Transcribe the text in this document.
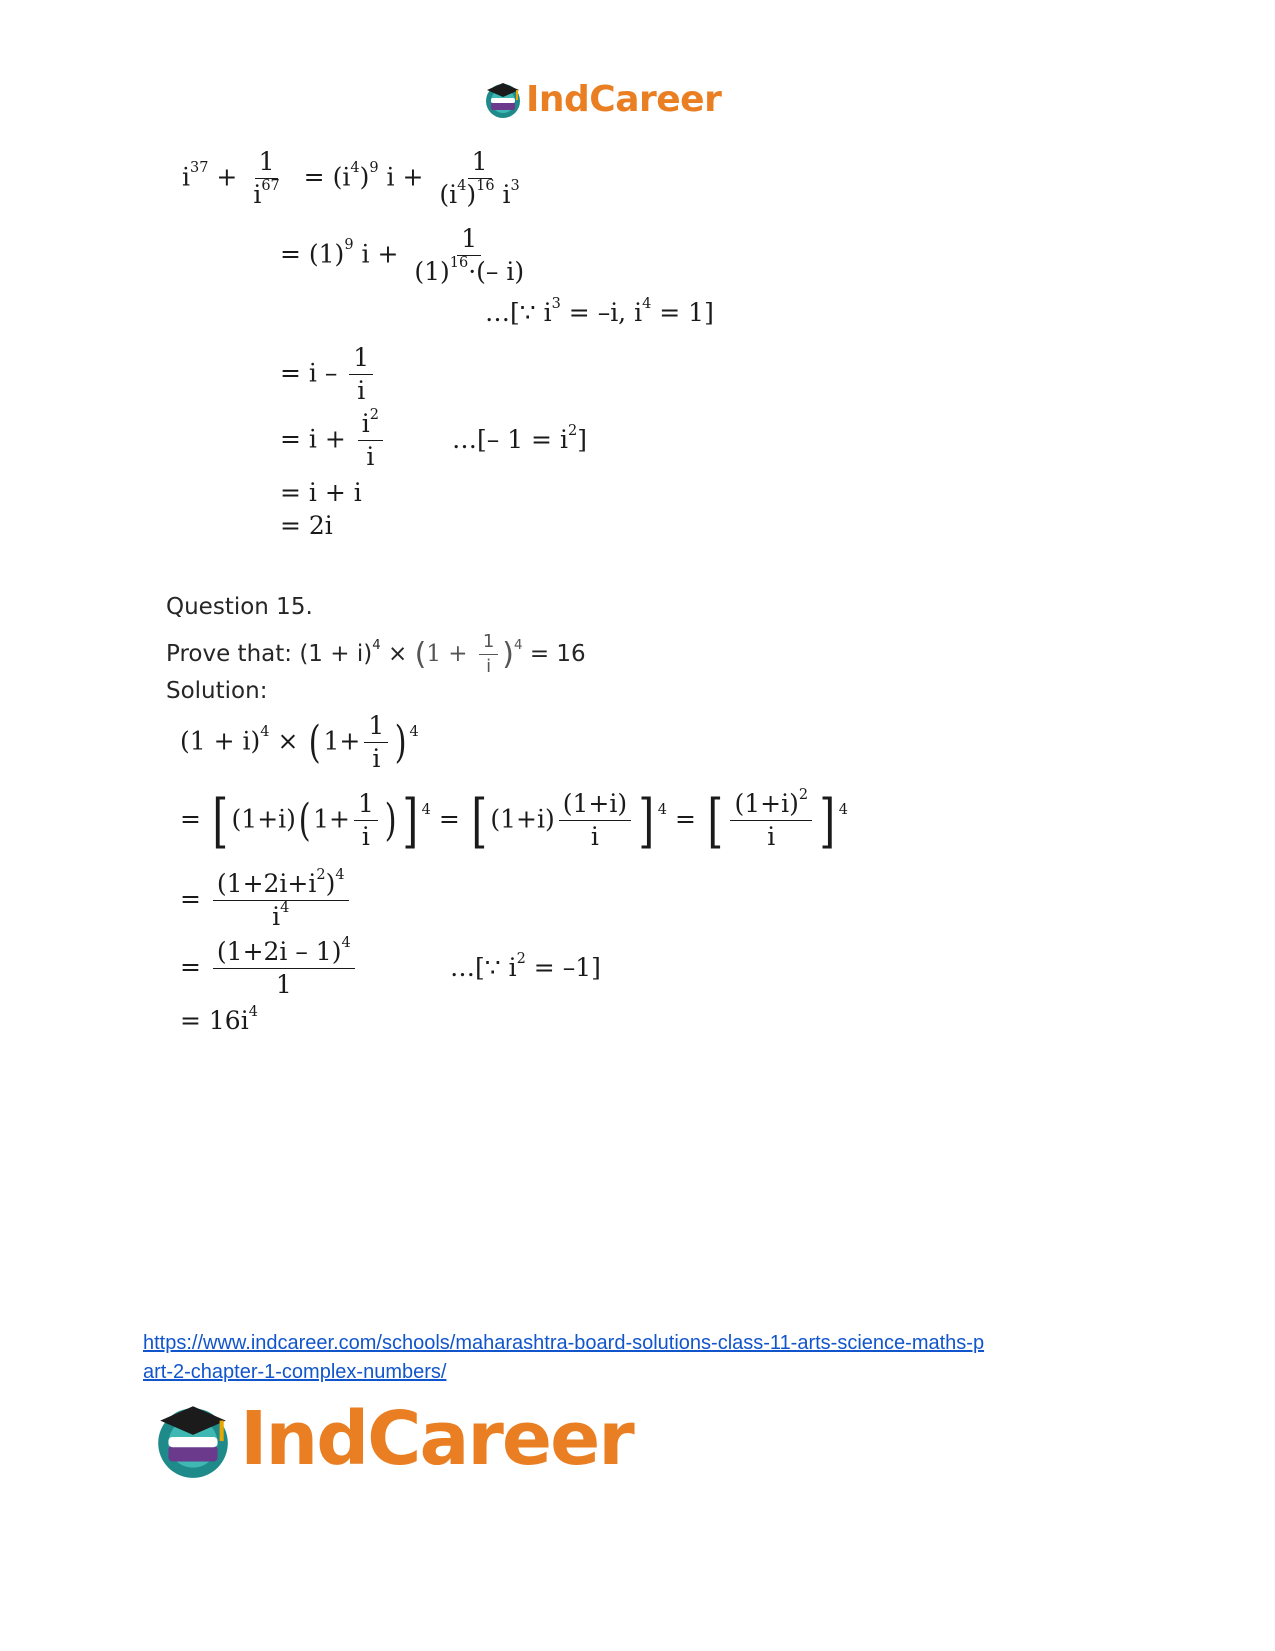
IndCareer
$i^{37} + \frac{1}{i^{67}} = (i^4)^9$ $i + \frac{1}{(i^4)^{16} i^3}$
= $(1)^9$ $i + \frac{1}{(1)^{16}\cdot(- i)}$
…[∵ $i^3 = -i$, $i^4 = 1$]
= i – $\frac{1}{i}$
= $i + \frac{i^2}{i}$	…[– $1 = i^2$]
= i + i
= 2i
Question 15.
Prove that: $(1 + i)^4 \times (1 + \frac{1}{i} )^4 = 16$
Solution:
$(1 + i)^4$ × ( $1+ \frac{1}{i}$ ) $^4$
= [ (1+i)( $1+ \frac{1}{i}$ ) ] $^4$ = [ $(1+i) \frac{(1+i)}{i}$ ] $^4$ = [ $\frac{(1+i)^2}{i}$ ] $^4$
= $\frac{(1+2i+i^2)^4}{i^4}$
= $\frac{(1+2i - 1)^4}{1}$	…[∵ $i^2 = -1$]
= $16i^4$
https://www.indcareer.com/schools/maharashtra-board-solutions-class-11-arts-science-maths-p
art-2-chapter-1-complex-numbers/
IndCareer
